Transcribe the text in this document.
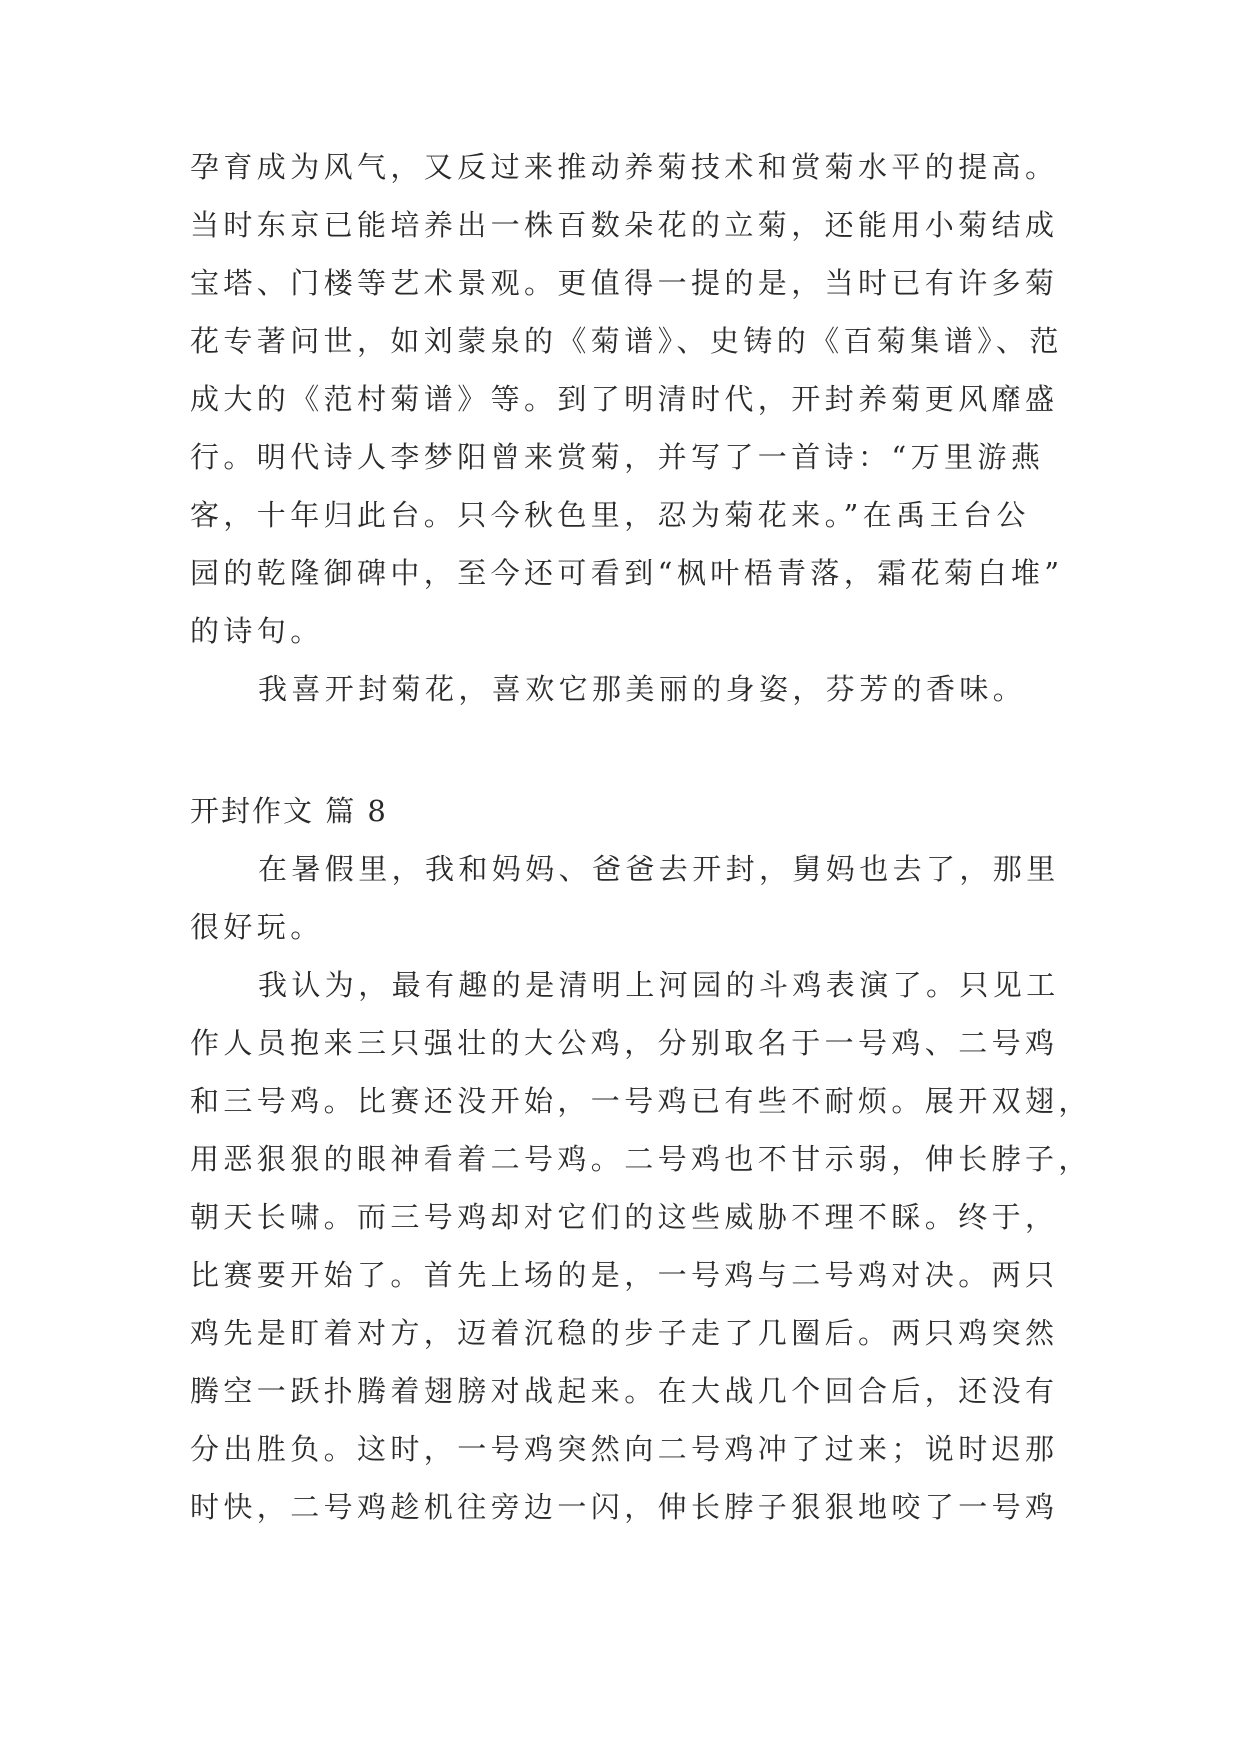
孕育成为风气，又反过来推动养菊技术和赏菊水平的提高。
当时东京已能培养出一株百数朵花的立菊，还能用小菊结成
宝塔、门楼等艺术景观。更值得一提的是，当时已有许多菊
花专著问世，如刘蒙泉的《菊谱》、史铸的《百菊集谱》、范
成大的《范村菊谱》等。到了明清时代，开封养菊更风靡盛
行。明代诗人李梦阳曾来赏菊，并写了一首诗：“万里游燕
客，十年归此台。只今秋色里，忍为菊花来。”在禹王台公
园的乾隆御碑中，至今还可看到“枫叶梧青落，霜花菊白堆”
的诗句。
我喜开封菊花，喜欢它那美丽的身姿，芬芳的香味。
开封作文 篇 8
在暑假里，我和妈妈、爸爸去开封，舅妈也去了，那里
很好玩。
我认为，最有趣的是清明上河园的斗鸡表演了。只见工
作人员抱来三只强壮的大公鸡，分别取名于一号鸡、二号鸡
和三号鸡。比赛还没开始，一号鸡已有些不耐烦。展开双翅，
用恶狠狠的眼神看着二号鸡。二号鸡也不甘示弱，伸长脖子，
朝天长啸。而三号鸡却对它们的这些威胁不理不睬。终于，
比赛要开始了。首先上场的是，一号鸡与二号鸡对决。两只
鸡先是盯着对方，迈着沉稳的步子走了几圈后。两只鸡突然
腾空一跃扑腾着翅膀对战起来。在大战几个回合后，还没有
分出胜负。这时，一号鸡突然向二号鸡冲了过来；说时迟那
时快，二号鸡趁机往旁边一闪，伸长脖子狠狠地咬了一号鸡
